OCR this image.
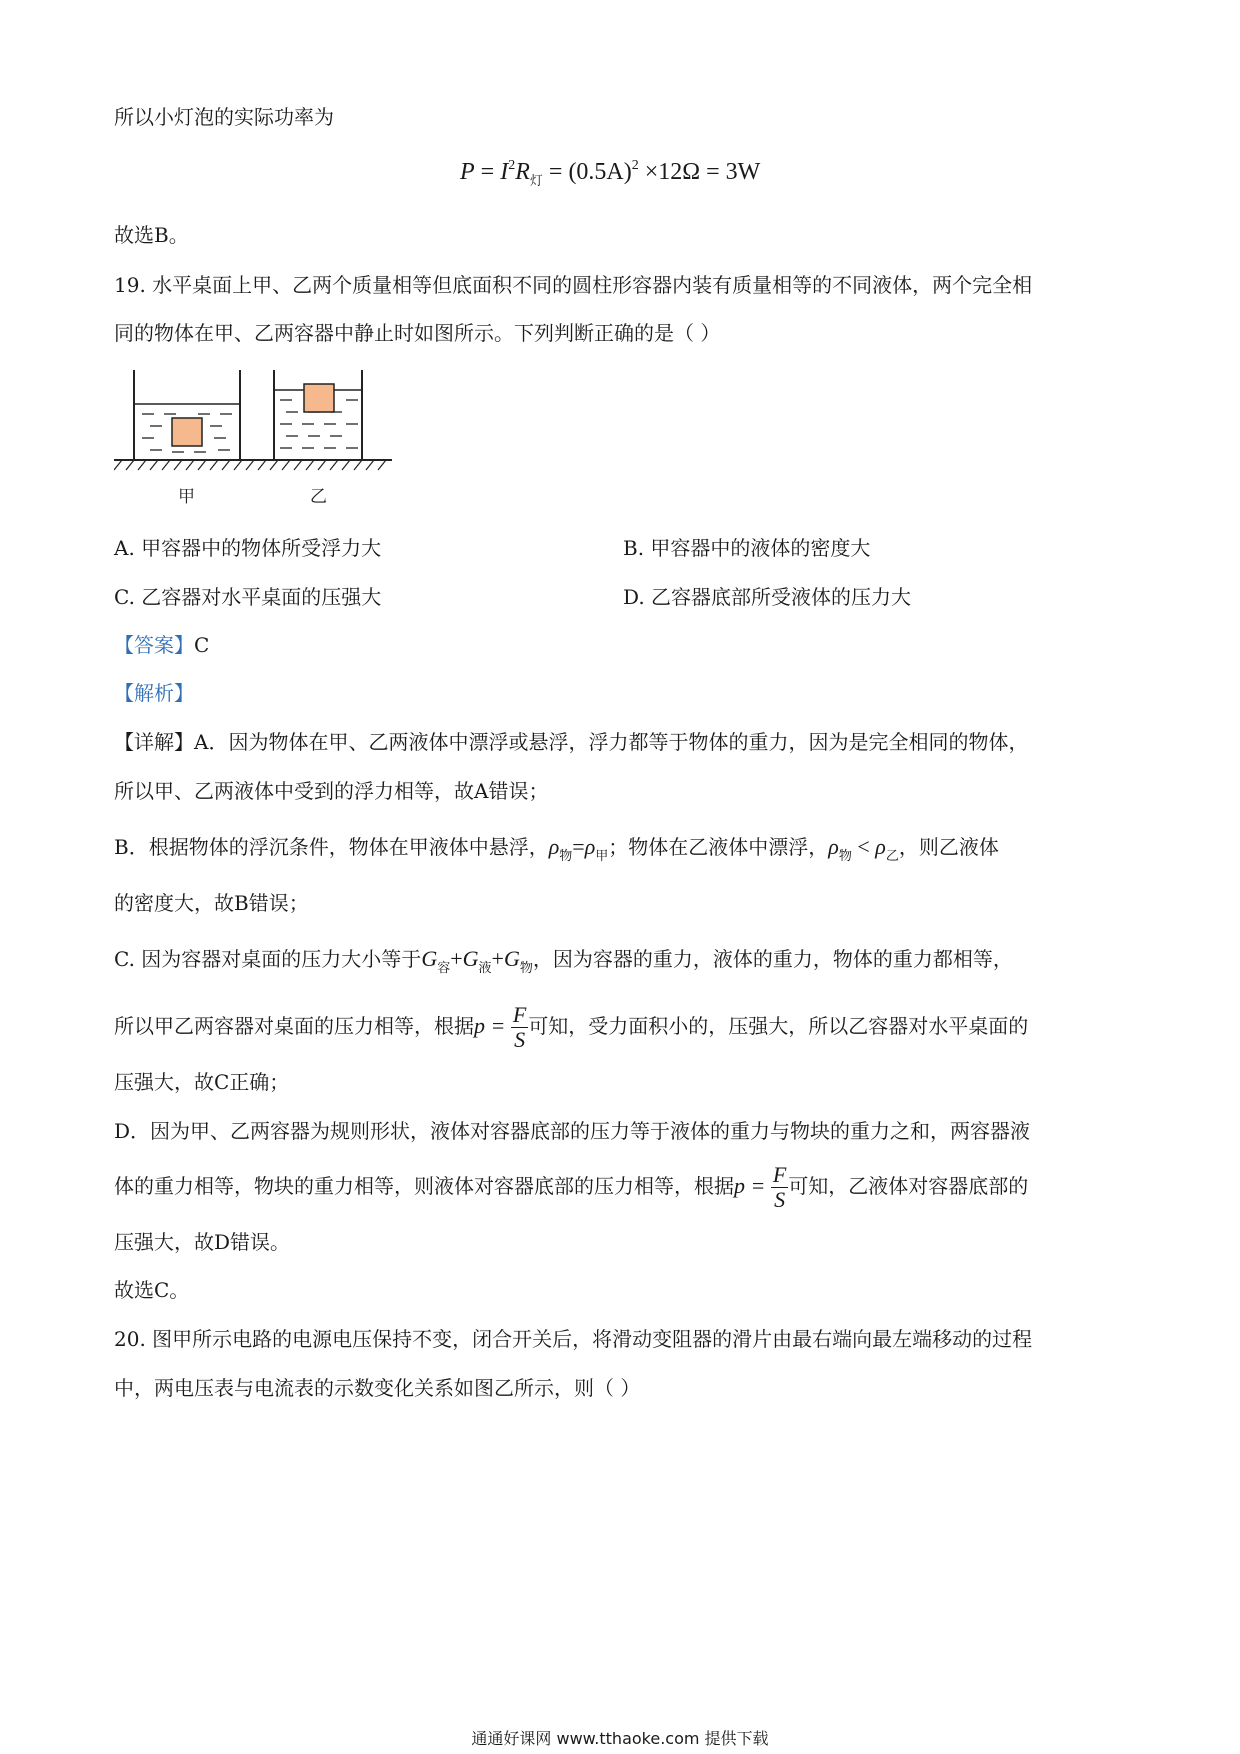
所以小灯泡的实际功率为
$P = I^2R_灯 = (0.5A)^2 \times 12\Omega = 3W$
故选B。
19. 水平桌面上甲、乙两个质量相等但底面积不同的圆柱形容器内装有质量相等的不同液体，两个完全相
同的物体在甲、乙两容器中静止时如图所示。下列判断正确的是（ ）
甲	乙
A. 甲容器中的物体所受浮力大	B. 甲容器中的液体的密度大
C. 乙容器对水平桌面的压强大	D. 乙容器底部所受液体的压力大
【答案】C
【解析】
【详解】A．因为物体在甲、乙两液体中漂浮或悬浮，浮力都等于物体的重力，因为是完全相同的物体，
所以甲、乙两液体中受到的浮力相等，故A错误；
B．根据物体的浮沉条件，物体在甲液体中悬浮，$\rho_物=\rho_甲$；物体在乙液体中漂浮，$\rho_物 < \rho_乙$，则乙液体
的密度大，故B错误；
C. 因为容器对桌面的压力大小等于$G_容+G_液+G_物$，因为容器的重力，液体的重力，物体的重力都相等，
所以甲乙两容器对桌面的压力相等，根据$p = \frac{F}{S}$ 可知，受力面积小的，压强大，所以乙容器对水平桌面的
压强大，故C正确；
D．因为甲、乙两容器为规则形状，液体对容器底部的压力等于液体的重力与物块的重力之和，两容器液
体的重力相等，物块的重力相等，则液体对容器底部的压力相等，根据$p = \frac{F}{S}$ 可知，乙液体对容器底部的
压强大，故D错误。
故选C。
20. 图甲所示电路的电源电压保持不变，闭合开关后，将滑动变阻器的滑片由最右端向最左端移动的过程
中，两电压表与电流表的示数变化关系如图乙所示，则（ ）
通通好课网 www.tthaoke.com 提供下载
